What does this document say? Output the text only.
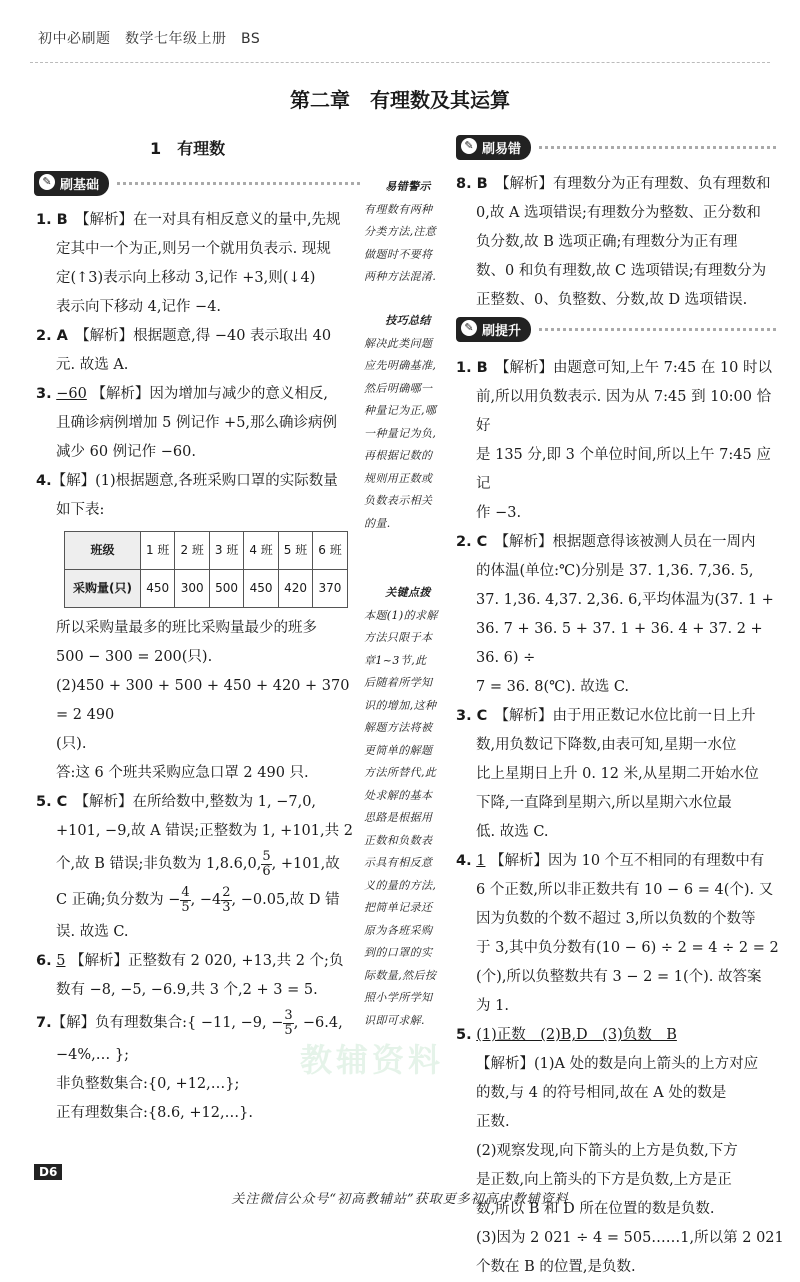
初中必刷题　数学七年级上册　BS
第二章　有理数及其运算
1　有理数
✎ 刷基础
✎ 刷易错
✎ 刷提升
教辅资料

1. B　 【解析】在一对具有相反意义的量中,先规

定其中一个为正,则另一个就用负表示. 现规

定(↑3)表示向上移动 3,记作 +3,则(↓4)

表示向下移动 4,记作 −4.

2. A　 【解析】根据题意,得 −40 表示取出 40

元. 故选 A.

3. −60 【解析】因为增加与减少的意义相反,

且确诊病例增加 5 例记作 +5,那么确诊病例

减少 60 例记作 −60.

4.【解】(1)根据题意,各班采购口罩的实际数量

如下表:

班级	1 班	2 班	3 班	4 班	5 班	6 班
采购量(只)	450	300	500	450	420	370

所以采购量最多的班比采购量最少的班多

500 − 300 = 200(只).

(2)450 + 300 + 500 + 450 + 420 + 370 = 2 490

(只).

答:这 6 个班共采购应急口罩 2 490 只.

5. C　 【解析】在所给数中,整数为 1, −7,0,

+101, −9,故 A 错误;正整数为 1, +101,共 2

个,故 B 错误;非负数为 1,8.6,0, $\frac{5}{6}$ , +101,故

C 正确;负分数为 − $\frac{4}{5}$ , $-4 \frac{2}{3}$ , −0.05,故 D 错

误. 故选 C.

6. 5 【解析】正整数有 2 020, +13,共 2 个;负

数有 −8, −5, −6.9,共 3 个,2 + 3 = 5.

7.【解】负有理数集合:{ −11, −9, − $\frac{3}{5}$ , −6.4,

−4%,… };

非负整数集合:{0, +12,…};

正有理数集合:{8.6, +12,…}.

易错警示
有理数有两种
分类方法,注意
做题时不要将
两种方法混淆.
技巧总结
解决此类问题
应先明确基准,
然后明确哪一
种量记为正,哪
一种量记为负,
再根据记数的
规则用正数或
负数表示相关
的量.
关键点拨
本题(1)的求解
方法只限于本
章1~3节,此
后随着所学知
识的增加,这种
解题方法将被
更简单的解题
方法所替代,此
处求解的基本
思路是根据用
正数和负数表
示具有相反意
义的量的方法,
把简单记录还
原为各班采购
到的口罩的实
际数量,然后按
照小学所学知
识即可求解.

8. B　 【解析】有理数分为正有理数、负有理数和

0,故 A 选项错误;有理数分为整数、正分数和

负分数,故 B 选项正确;有理数分为正有理

数、0 和负有理数,故 C 选项错误;有理数分为

正整数、0、负整数、分数,故 D 选项错误.

1. B　 【解析】由题意可知,上午 7:45 在 10 时以

前,所以用负数表示. 因为从 7:45 到 10:00 恰好

是 135 分,即 3 个单位时间,所以上午 7:45 应记

作 −3.

2. C　 【解析】根据题意得该被测人员在一周内

的体温(单位:℃)分别是 37. 1,36. 7,36. 5,

37. 1,36. 4,37. 2,36. 6,平均体温为(37. 1 +

36. 7 + 36. 5 + 37. 1 + 36. 4 + 37. 2 + 36. 6) ÷

7 = 36. 8(℃). 故选 C.

3. C　 【解析】由于用正数记水位比前一日上升

数,用负数记下降数,由表可知,星期一水位

比上星期日上升 0. 12 米,从星期二开始水位

下降,一直降到星期六,所以星期六水位最

低. 故选 C.

4. 1 【解析】因为 10 个互不相同的有理数中有

6 个正数,所以非正数共有 10 − 6 = 4(个). 又

因为负数的个数不超过 3,所以负数的个数等

于 3,其中负分数有(10 − 6) ÷ 2 = 4 ÷ 2 = 2

(个),所以负整数共有 3 − 2 = 1(个). 故答案

为 1.

5. (1)正数　(2)B,D　(3)负数　B

【解析】(1)A 处的数是向上箭头的上方对应

的数,与 4 的符号相同,故在 A 处的数是

正数.

(2)观察发现,向下箭头的上方是负数,下方

是正数,向上箭头的下方是负数,上方是正

数,所以 B 和 D 所在位置的数是负数.

(3)因为 2 021 ÷ 4 = 505……1,所以第 2 021

个数在 B 的位置,是负数.

D6
关注微信公众号“初高教辅站”获取更多初高中教辅资料
